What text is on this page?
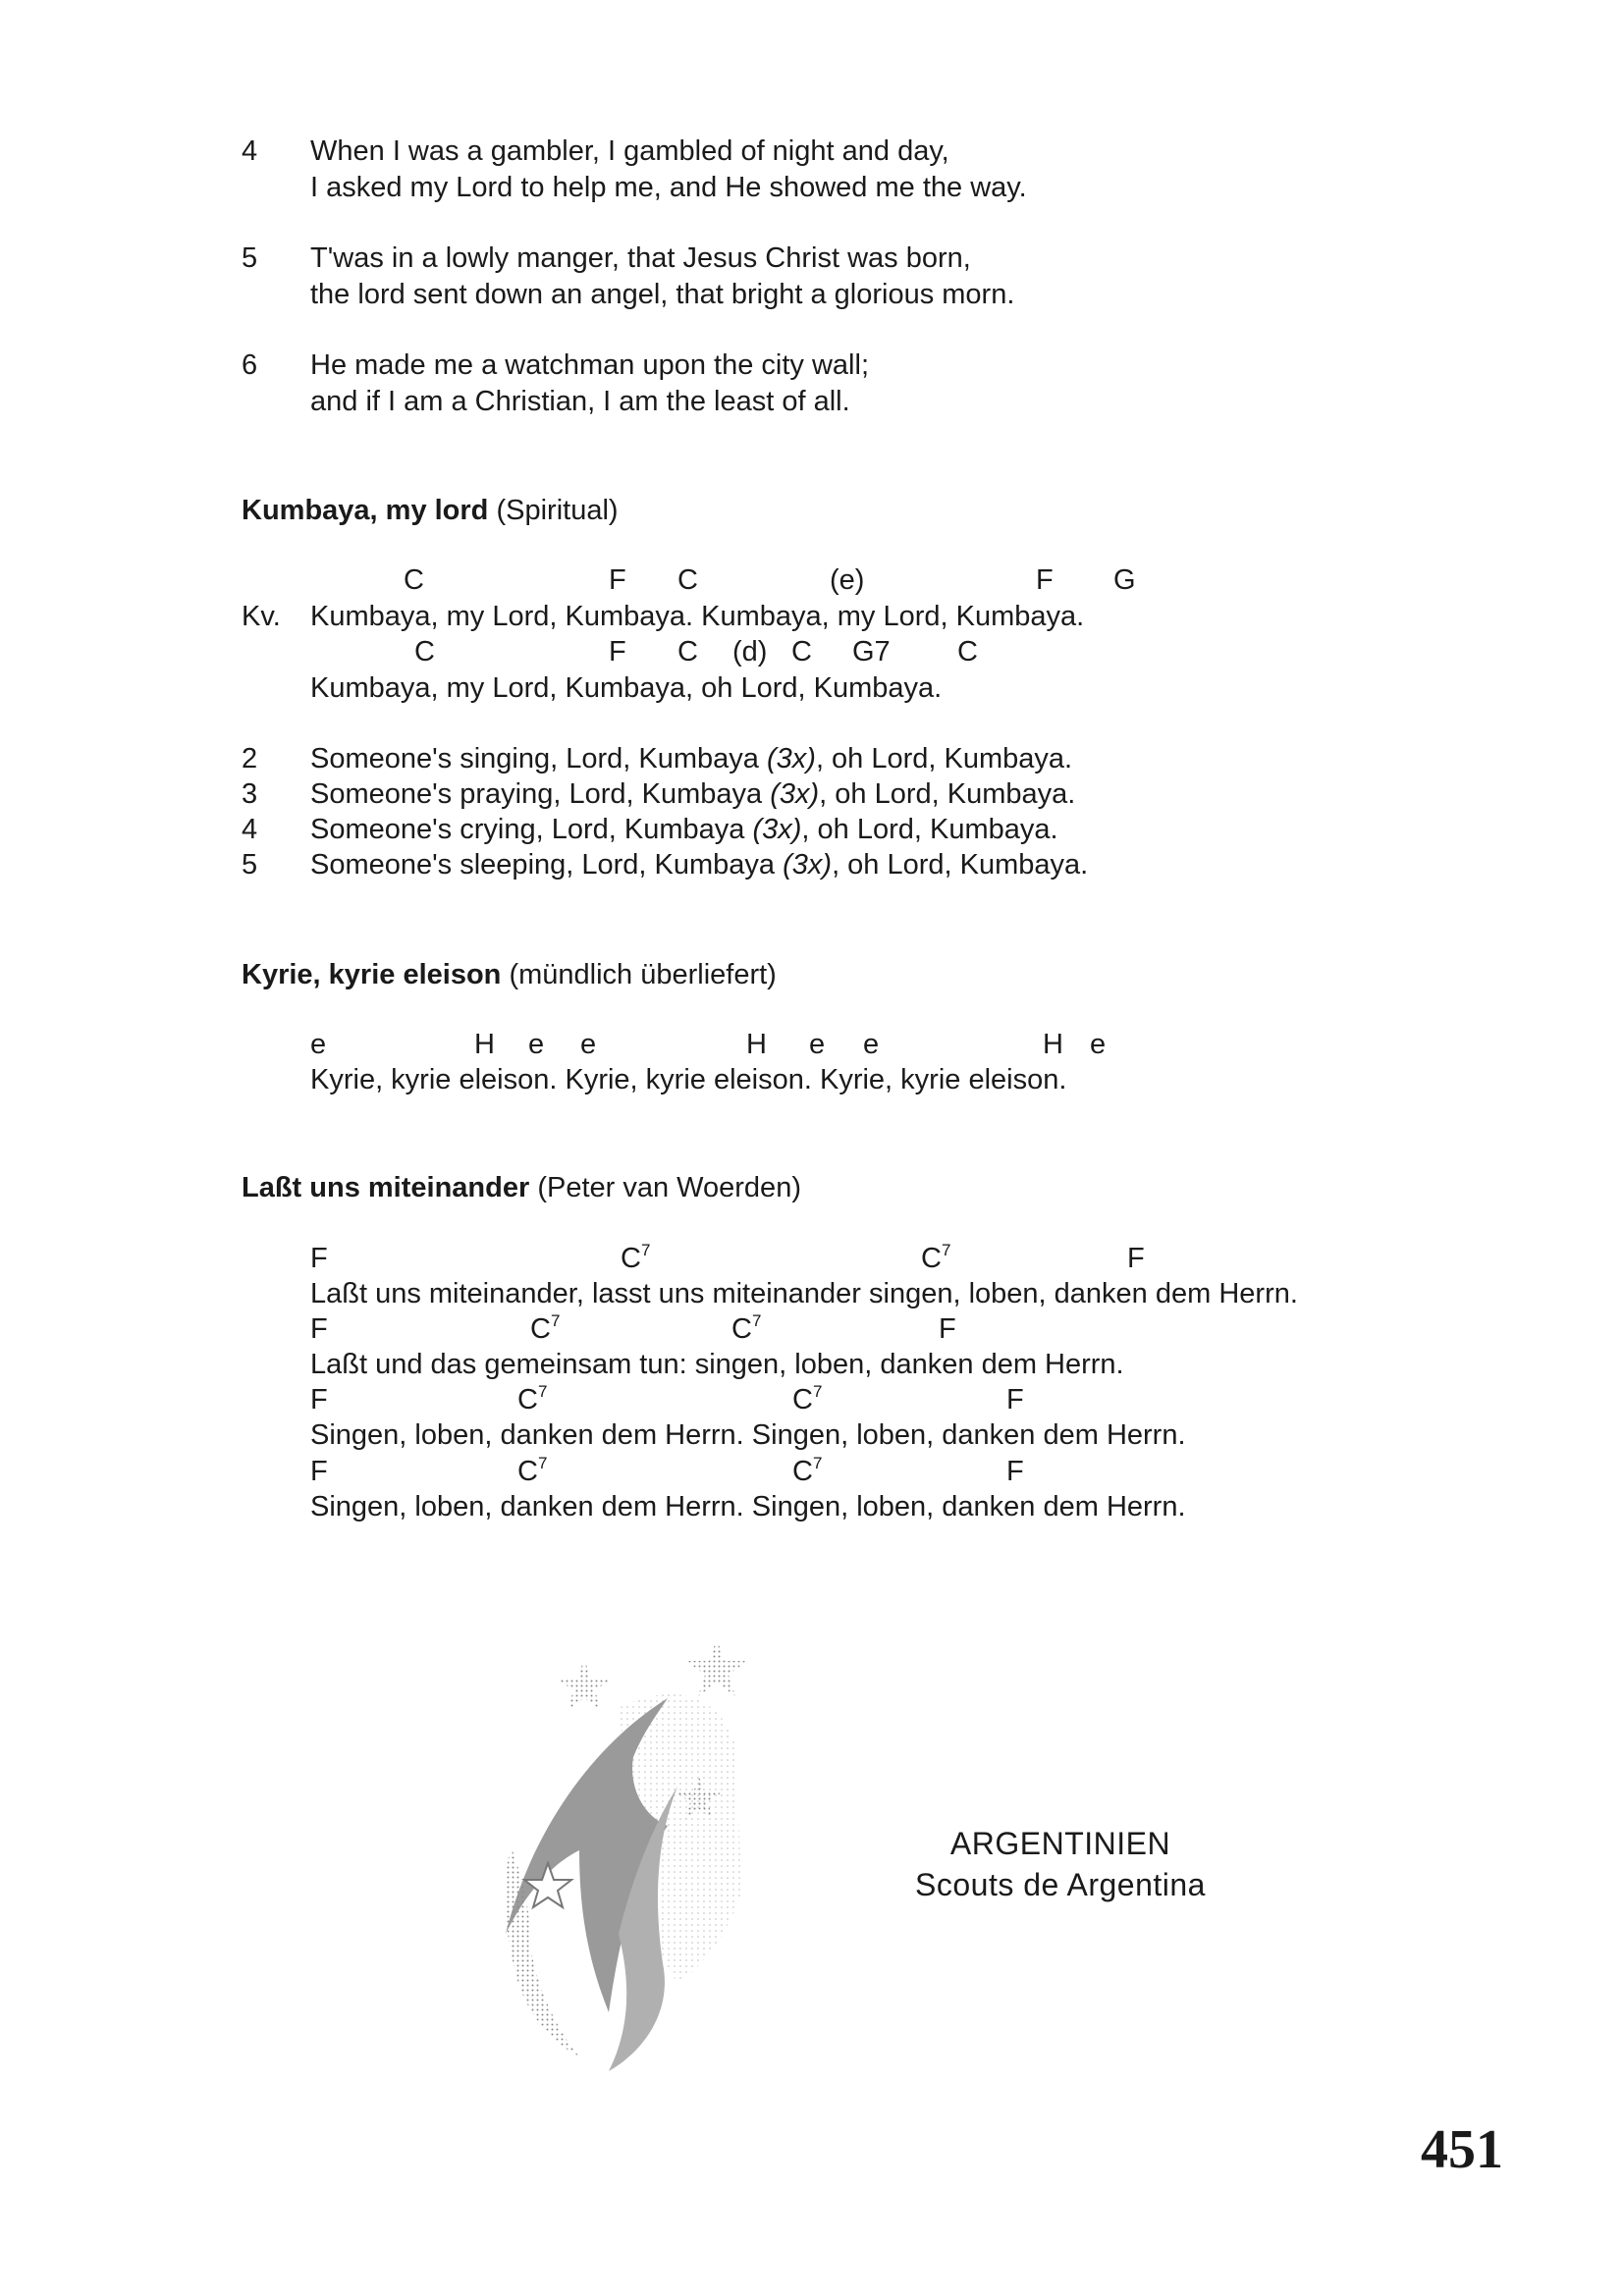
4 When I was a gambler, I gambled of night and day,
I asked my Lord to help me, and He showed me the way.
5 T'was in a lowly manger, that Jesus Christ was born,
the lord sent down an angel, that bright a glorious morn.
6 He made me a watchman upon the city wall;
and if I am a Christian, I am the least of all.
Kumbaya, my lord (Spiritual)
C	F C	(e)	F G
Kv. Kumbaya, my Lord, Kumbaya. Kumbaya, my Lord, Kumbaya.
C	F C (d) C G7 C
Kumbaya, my Lord, Kumbaya, oh Lord, Kumbaya.
2 Someone's singing, Lord, Kumbaya (3x), oh Lord, Kumbaya.
3 Someone's praying, Lord, Kumbaya (3x), oh Lord, Kumbaya.
4 Someone's crying, Lord, Kumbaya (3x), oh Lord, Kumbaya.
5 Someone's sleeping, Lord, Kumbaya (3x), oh Lord, Kumbaya.
Kyrie, kyrie eleison (mündlich überliefert)
e	H e e	H e e	H e
Kyrie, kyrie eleison. Kyrie, kyrie eleison. Kyrie, kyrie eleison.
Laßt uns miteinander (Peter van Woerden)
F	$C^7$	$C^7$	F
Laßt uns miteinander, lasst uns miteinander singen, loben, danken dem Herrn.
F	$C^7$	$C^7$	F
Laßt und das gemeinsam tun: singen, loben, danken dem Herrn.
F	$C^7$	$C^7$	F
Singen, loben, danken dem Herrn. Singen, loben, danken dem Herrn.
F	$C^7$	$C^7$	F
Singen, loben, danken dem Herrn. Singen, loben, danken dem Herrn.
ARGENTINIEN
Scouts de Argentina
451
